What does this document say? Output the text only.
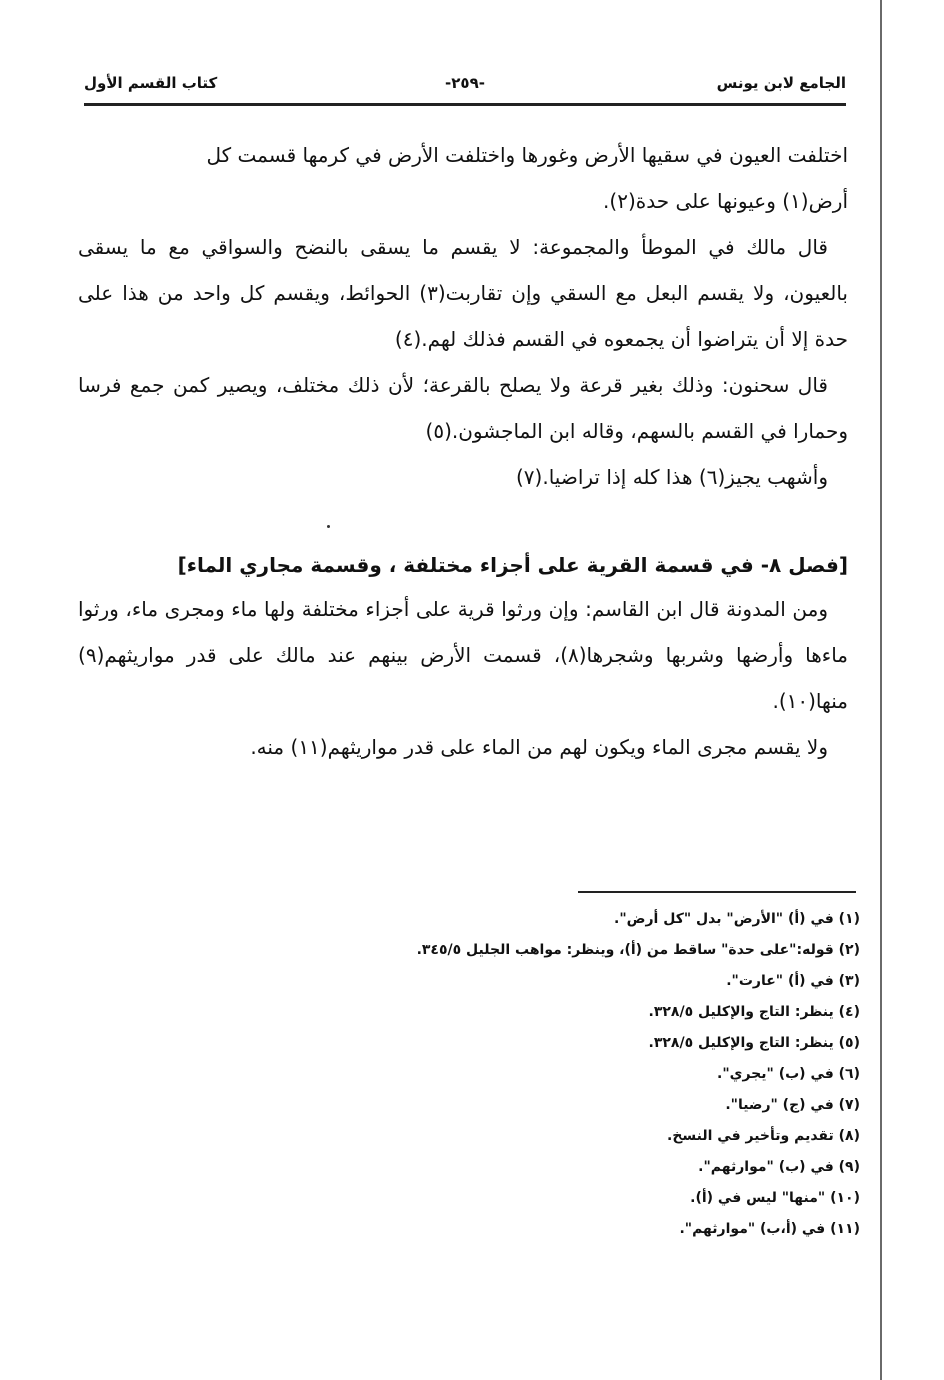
الجامع لابن يونس
-٢٥٩-
كتاب القسم الأول

اختلفت العيون في سقيها الأرض وغورها واختلفت الأرض في كرمها قسمت كل

أرض(١) وعيونها على حدة(٢).

قال مالك في الموطأ والمجموعة: لا يقسم ما يسقى بالنضح والسواقي مع ما يسقى بالعيون، ولا يقسم البعل مع السقي وإن تقاربت(٣) الحوائط، ويقسم كل واحد من هذا على حدة إلا أن يتراضوا أن يجمعوه في القسم فذلك لهم.(٤)

قال سحنون: وذلك بغير قرعة ولا يصلح بالقرعة؛ لأن ذلك مختلف، ويصير كمن جمع فرسا وحمارا في القسم بالسهم، وقاله ابن الماجشون.(٥)

وأشهب يجيز(٦) هذا كله إذا تراضيا.(٧)

[فصل ٨- في قسمة القرية على أجزاء مختلفة ، وقسمة مجاري الماء]

ومن المدونة قال ابن القاسم: وإن ورثوا قرية على أجزاء مختلفة ولها ماء ومجرى ماء، ورثوا ماءها وأرضها وشربها وشجرها(٨)، قسمت الأرض بينهم عند مالك على قدر مواريثهم(٩) منها(١٠).

ولا يقسم مجرى الماء ويكون لهم من الماء على قدر مواريثهم(١١) منه.

(١) في (أ) "الأرض" بدل "كل أرض".
(٢) قوله:"على حدة" ساقط من (أ)، وينظر: مواهب الجليل ٣٤٥/٥.
(٣) في (أ) "عارت".
(٤) ينظر: التاج والإكليل ٣٢٨/٥.
(٥) ينظر: التاج والإكليل ٣٢٨/٥.
(٦) في (ب) "يجري".
(٧) في (ج) "رضيا".
(٨) تقديم وتأخير في النسخ.
(٩) في (ب) "موارثهم".
(١٠) "منها" ليس في (أ).
(١١) في (أ،ب) "موارثهم".
